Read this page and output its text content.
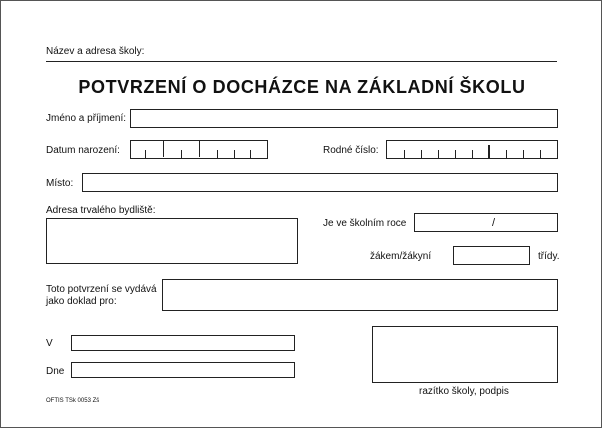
Název a adresa školy:
POTVRZENÍ O DOCHÁZCE NA ZÁKLADNÍ ŠKOLU
Jméno a příjmení:
Datum narození:	Rodné číslo:
Místo:
Adresa trvalého bydliště:
Je ve školním roce	/
žákem/žákyní	třídy.
Toto potvrzení se vydává
jako doklad pro:
V
Dne
razítko školy, podpis
OFTIS TSk 0053 Zš
